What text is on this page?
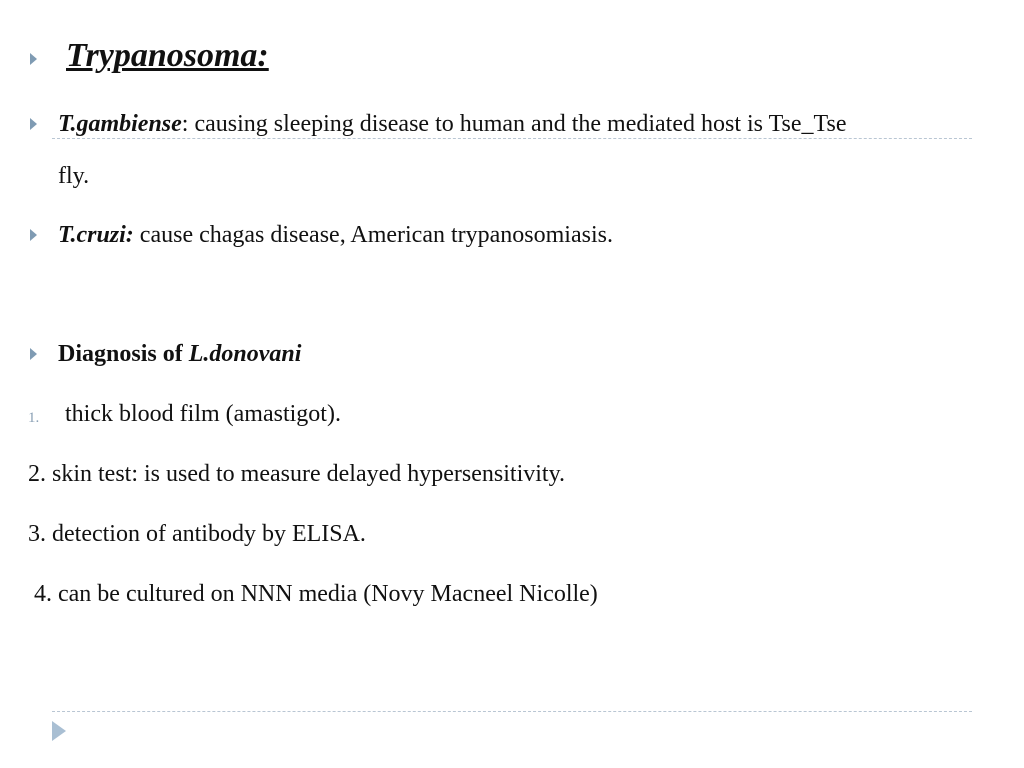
Trypanosoma:
T.gambiense: causing sleeping disease to human and the mediated host is Tse_Tse
fly.
T.cruzi: cause chagas disease, American trypanosomiasis.
Diagnosis of L.donovani
1. thick blood film (amastigot).
2. skin test: is used to measure delayed hypersensitivity.
3. detection of antibody by ELISA.
4. can be cultured on NNN media (Novy Macneel Nicolle)
